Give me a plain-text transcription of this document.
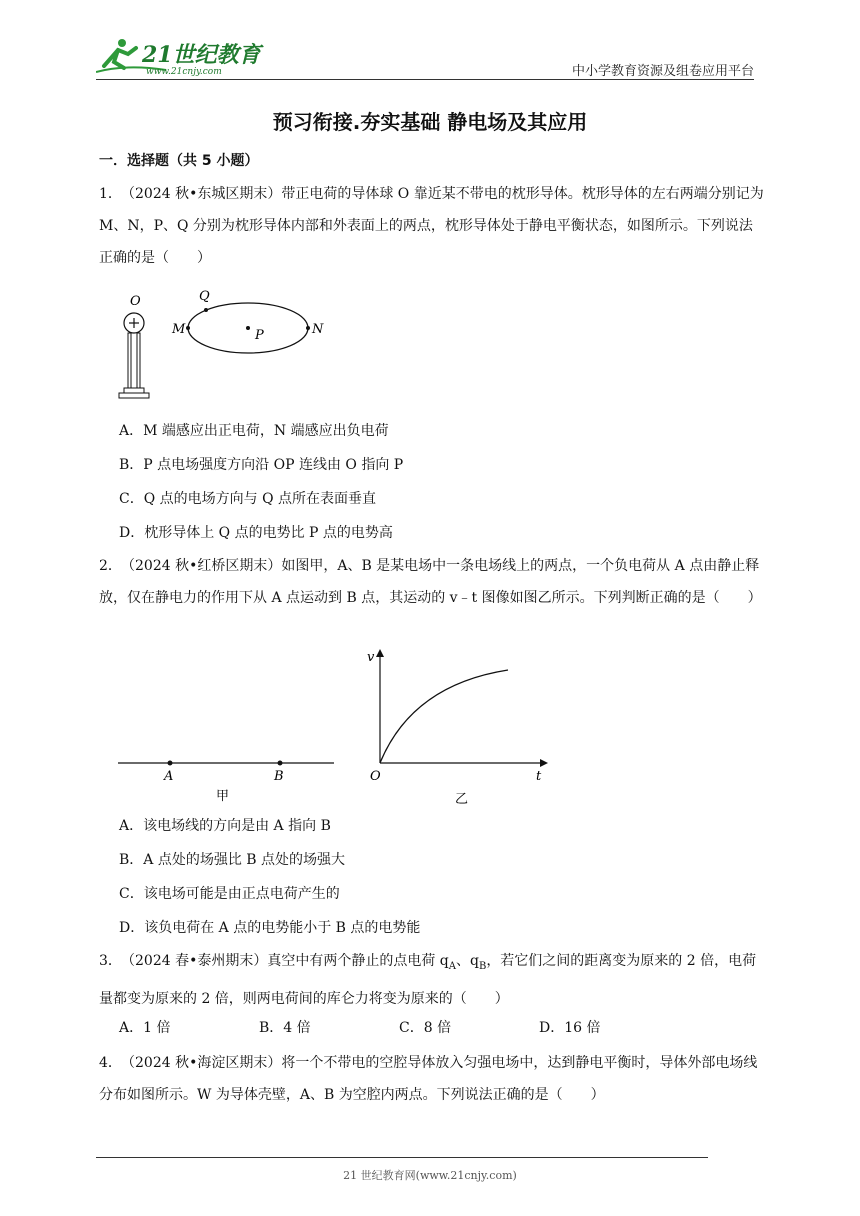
21世纪教育
www.21cnjy.com	中小学教育资源及组卷应用平台
预习衔接.夯实基础 静电场及其应用
一．选择题（共 5 小题）
1．（2024 秋•东城区期末）带正电荷的导体球 O 靠近某不带电的枕形导体。枕形导体的左右两端分别记为 M、N，P、Q 分别为枕形导体内部和外表面上的两点，枕形导体处于静电平衡状态，如图所示。下列说法正确的是（　　）
O	Q
M	N
P
A．M 端感应出正电荷，N 端感应出负电荷
B．P 点电场强度方向沿 OP 连线由 O 指向 P
C．Q 点的电场方向与 Q 点所在表面垂直
D．枕形导体上 Q 点的电势比 P 点的电势高
2．（2024 秋•红桥区期末）如图甲，A、B 是某电场中一条电场线上的两点，一个负电荷从 A 点由静止释放，仅在静电力的作用下从 A 点运动到 B 点，其运动的 v﹣t 图像如图乙所示。下列判断正确的是（　　）
A	B
甲
v
t
O
乙
A．该电场线的方向是由 A 指向 B
B．A 点处的场强比 B 点处的场强大
C．该电场可能是由正点电荷产生的
D．该负电荷在 A 点的电势能小于 B 点的电势能
3．（2024 春•泰州期末）真空中有两个静止的点电荷 $q_A$、$q_B$，若它们之间的距离变为原来的 2 倍，电荷量都变为原来的 2 倍，则两电荷间的库仑力将变为原来的（　　）
A．1 倍	B．4 倍	C．8 倍	D．16 倍
4．（2024 秋•海淀区期末）将一个不带电的空腔导体放入匀强电场中，达到静电平衡时，导体外部电场线分布如图所示。W 为导体壳壁，A、B 为空腔内两点。下列说法正确的是（　　）
21 世纪教育网(www.21cnjy.com)
